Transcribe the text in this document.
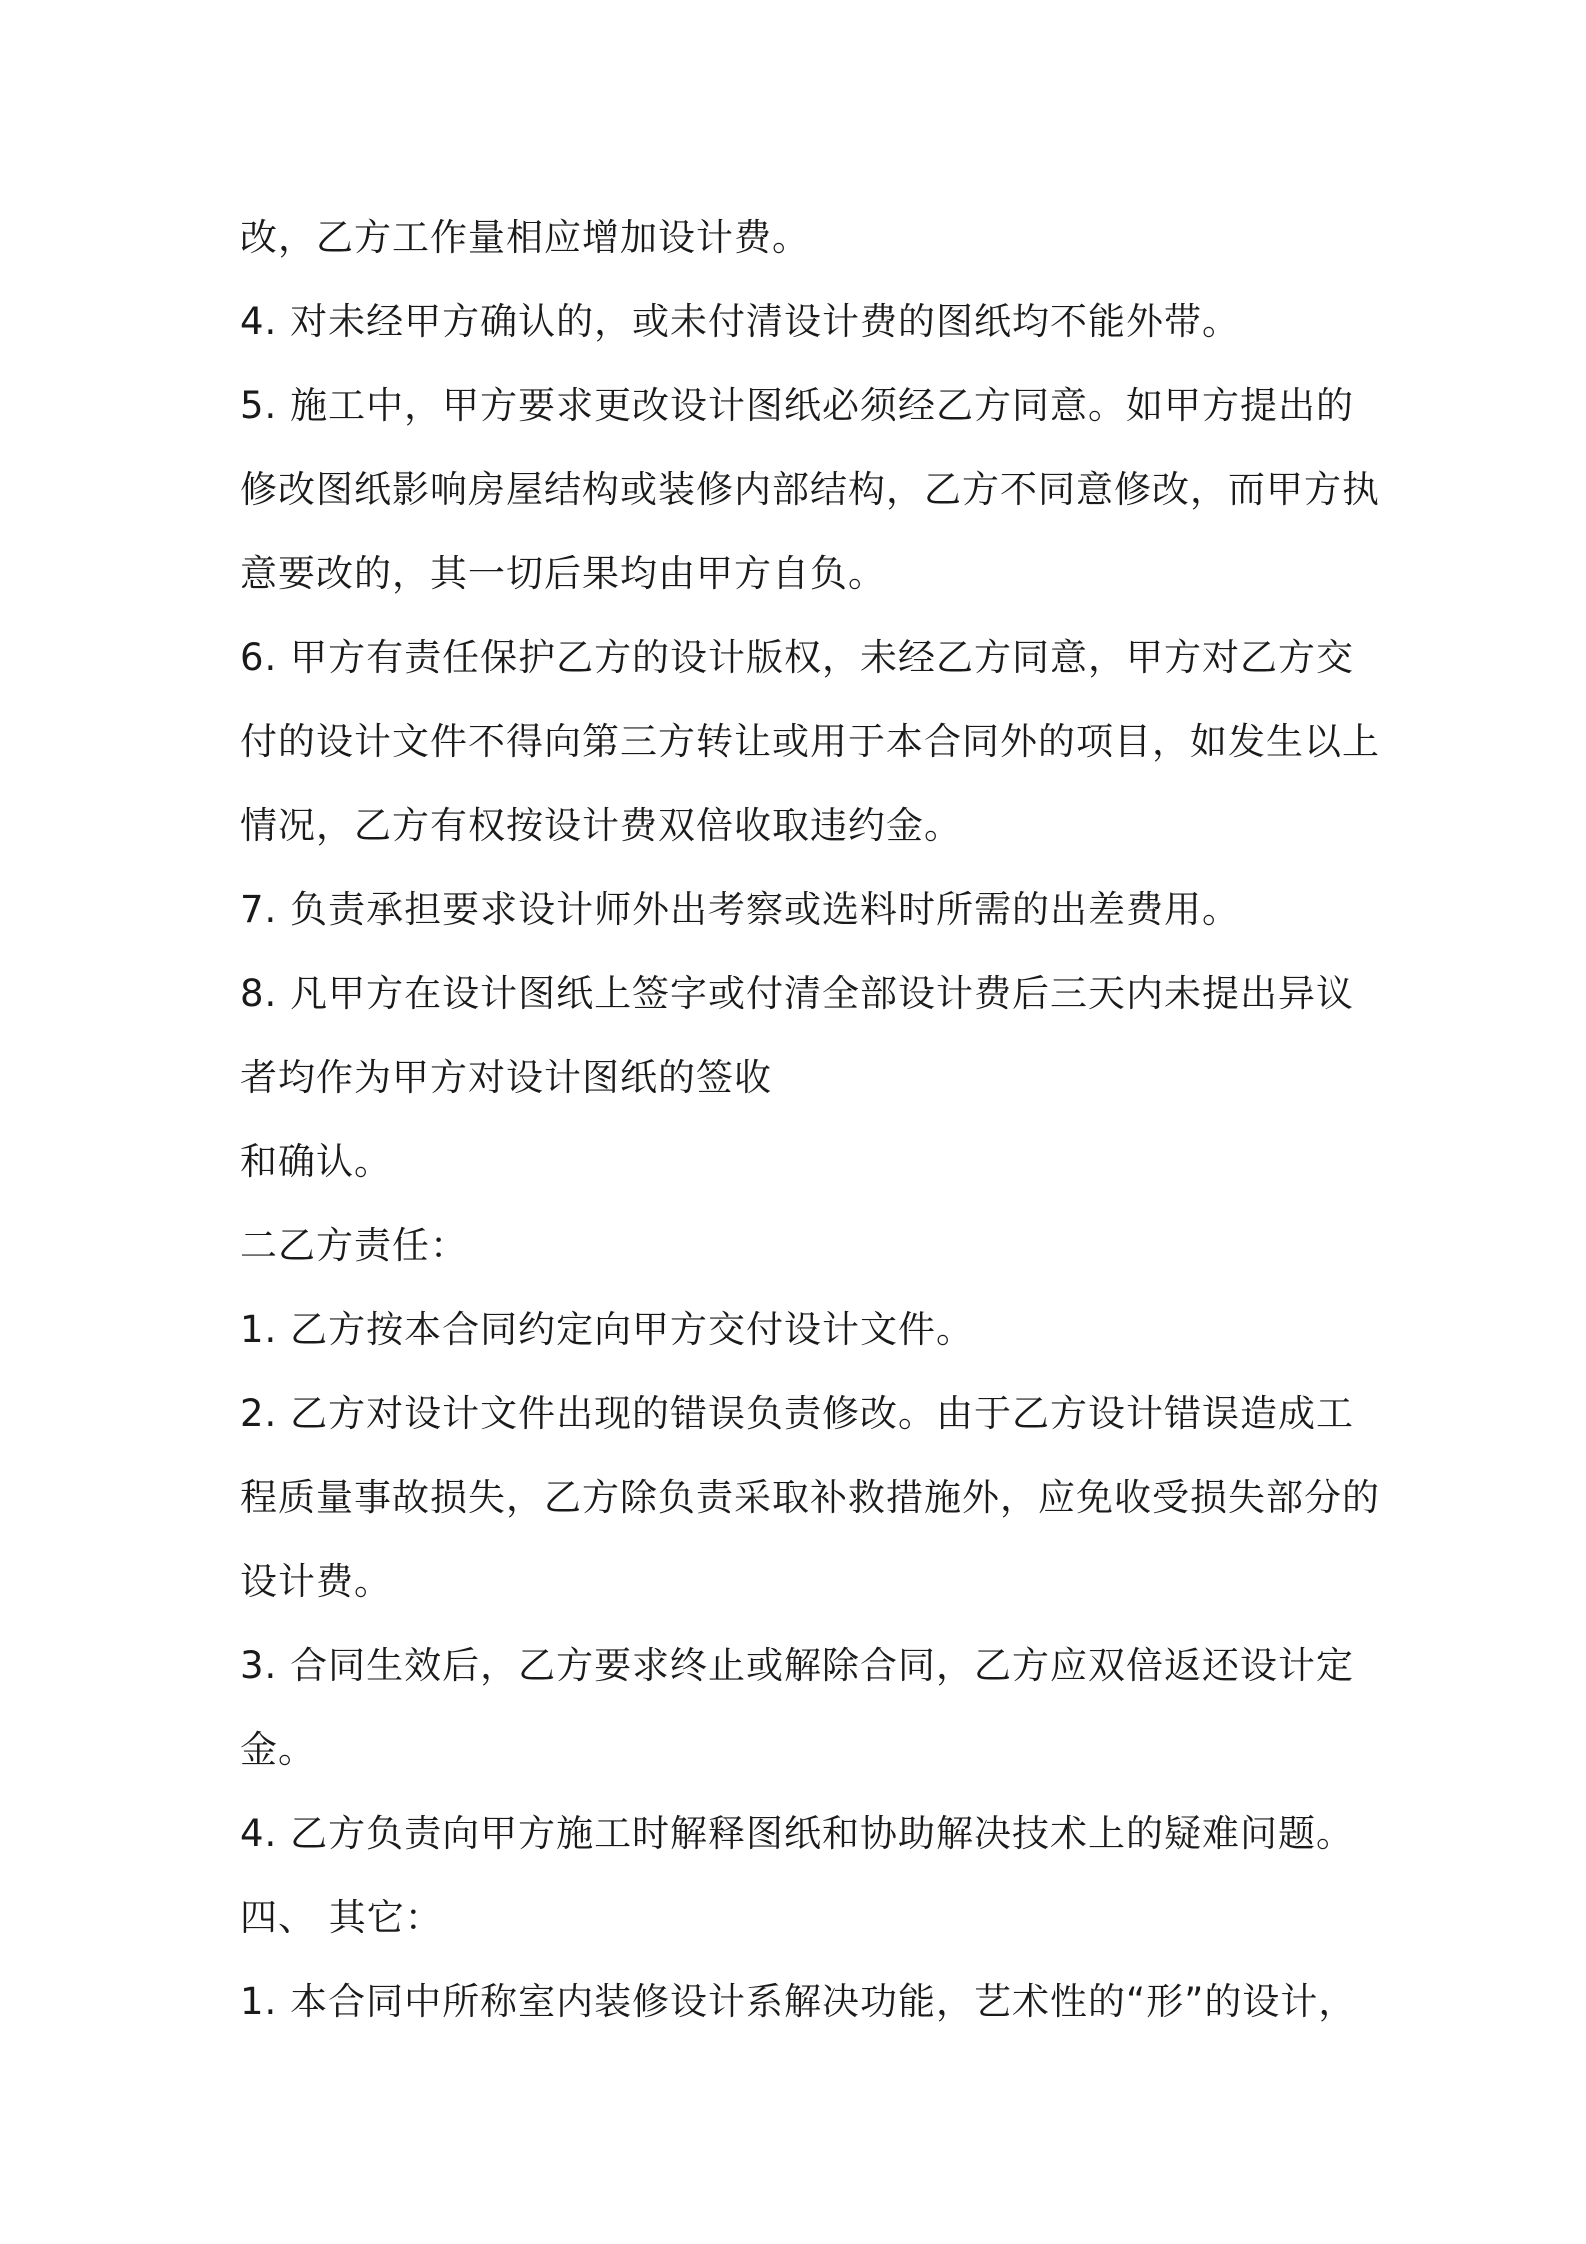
改，乙方工作量相应增加设计费。
4. 对未经甲方确认的，或未付清设计费的图纸均不能外带。
5. 施工中，甲方要求更改设计图纸必须经乙方同意。如甲方提出的
修改图纸影响房屋结构或装修内部结构，乙方不同意修改，而甲方执
意要改的，其一切后果均由甲方自负。
6. 甲方有责任保护乙方的设计版权，未经乙方同意，甲方对乙方交
付的设计文件不得向第三方转让或用于本合同外的项目，如发生以上
情况，乙方有权按设计费双倍收取违约金。
7. 负责承担要求设计师外出考察或选料时所需的出差费用。
8. 凡甲方在设计图纸上签字或付清全部设计费后三天内未提出异议
者均作为甲方对设计图纸的签收
和确认。
二乙方责任：
1. 乙方按本合同约定向甲方交付设计文件。
2. 乙方对设计文件出现的错误负责修改。由于乙方设计错误造成工
程质量事故损失，乙方除负责采取补救措施外，应免收受损失部分的
设计费。
3. 合同生效后，乙方要求终止或解除合同，乙方应双倍返还设计定
金。
4. 乙方负责向甲方施工时解释图纸和协助解决技术上的疑难问题。
四、 其它：
1. 本合同中所称室内装修设计系解决功能，艺术性的“形”的设计，
